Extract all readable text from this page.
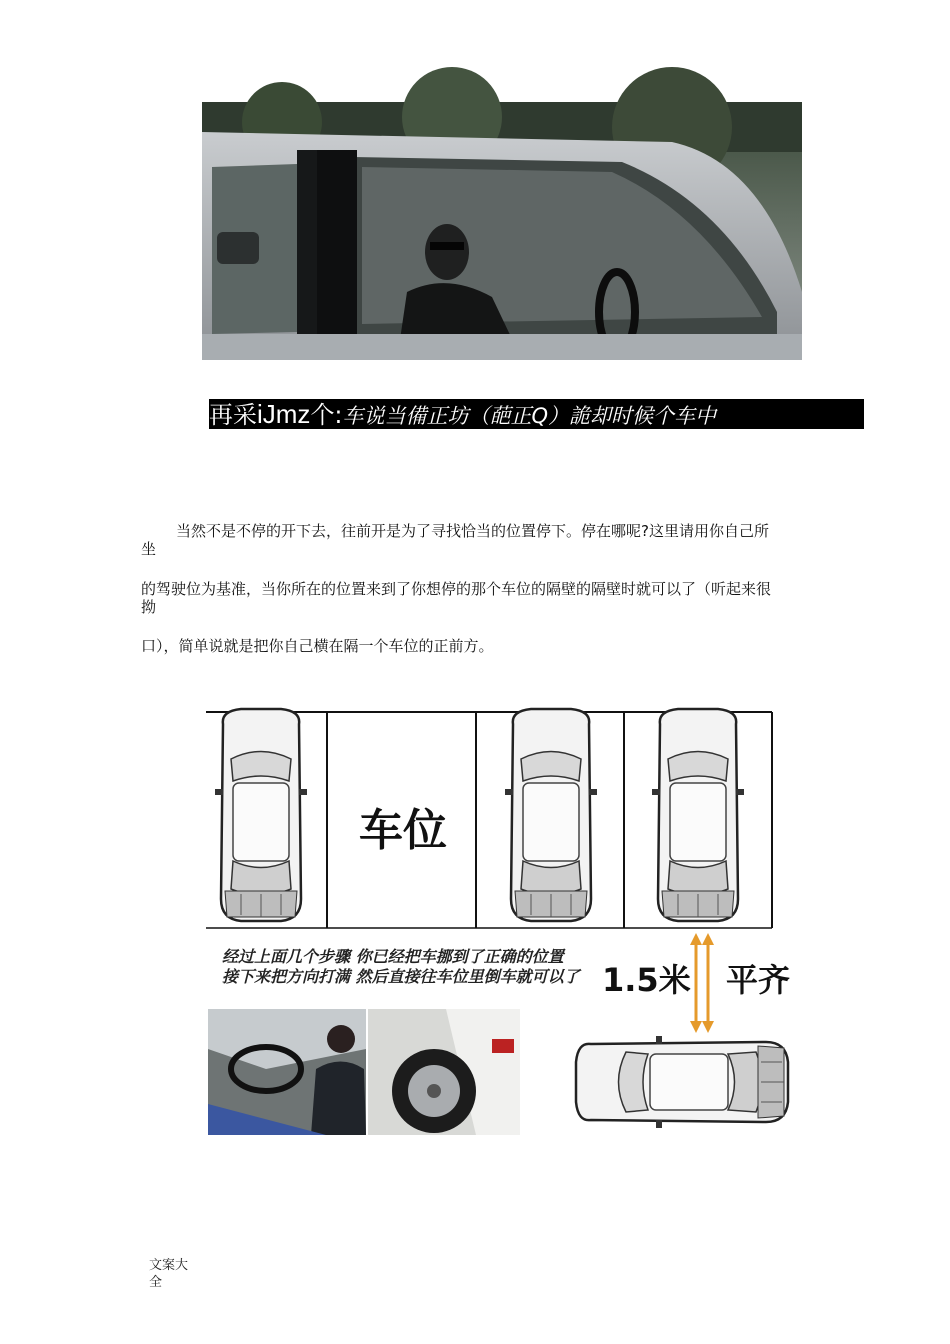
再采iJmz个:车说当備正坊（葩正Q）詭却时候个车中
当然不是不停的开下去，往前开是为了寻找恰当的位置停下。停在哪呢?这里请用你自己所
坐
的驾驶位为基准，当你所在的位置来到了你想停的那个车位的隔壁的隔壁时就可以了（听起来很
拗
口），简单说就是把你自己横在隔一个车位的正前方。
车位
经过上面几个步骤 你已经把车挪到了正确的位置
接下来把方向打满 然后直接往车位里倒车就可以了 1.5米 平齐
文案大
全
